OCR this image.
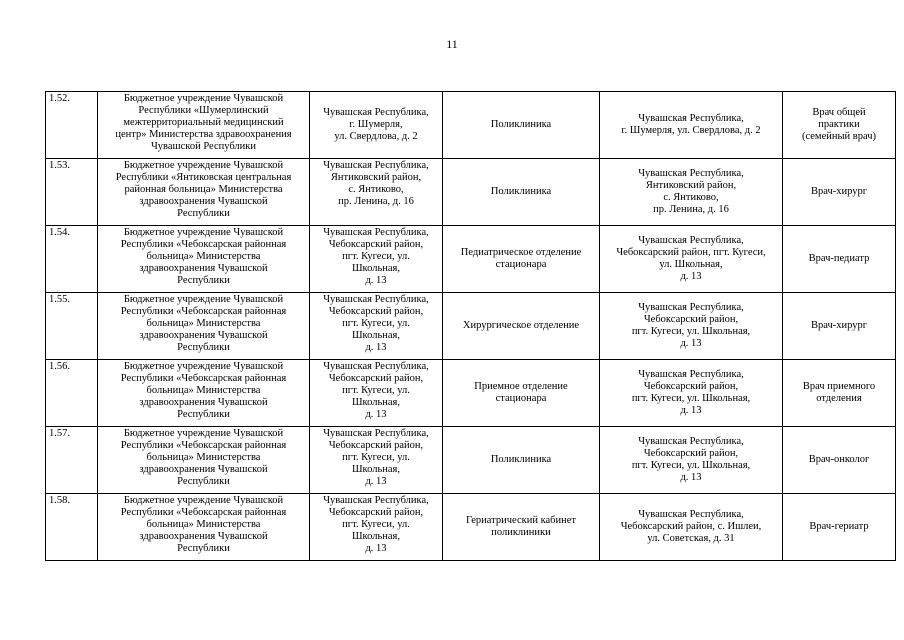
11
1.52.	Бюджетное учреждение Чувашской
Республики «Шумерлинский
межтерриториальный медицинский
центр» Министерства здравоохранения
Чувашской Республики	Чувашская Республика,
г. Шумерля,
ул. Свердлова, д. 2	Поликлиника	Чувашская Республика,
г. Шумерля, ул. Свердлова, д. 2	Врач общей
практики
(семейный врач)
1.53.	Бюджетное учреждение Чувашской
Республики «Янтиковская центральная
районная больница» Министерства
здравоохранения Чувашской
Республики	Чувашская Республика,
Янтиковский район,
с. Янтиково,
пр. Ленина, д. 16	Поликлиника	Чувашская Республика,
Янтиковский район,
с. Янтиково,
пр. Ленина, д. 16	Врач-хирург
1.54.	Бюджетное учреждение Чувашской
Республики «Чебоксарская районная
больница» Министерства
здравоохранения Чувашской
Республики	Чувашская Республика,
Чебоксарский район,
пгт. Кугеси, ул.
Школьная,
д. 13	Педиатрическое отделение
стационара	Чувашская Республика,
Чебоксарский район, пгт. Кугеси,
ул. Школьная,
д. 13	Врач-педиатр
1.55.	Бюджетное учреждение Чувашской
Республики «Чебоксарская районная
больница» Министерства
здравоохранения Чувашской
Республики	Чувашская Республика,
Чебоксарский район,
пгт. Кугеси, ул.
Школьная,
д. 13	Хирургическое отделение	Чувашская Республика,
Чебоксарский район,
пгт. Кугеси, ул. Школьная,
д. 13	Врач-хирург
1.56.	Бюджетное учреждение Чувашской
Республики «Чебоксарская районная
больница» Министерства
здравоохранения Чувашской
Республики	Чувашская Республика,
Чебоксарский район,
пгт. Кугеси, ул.
Школьная,
д. 13	Приемное отделение
стационара	Чувашская Республика,
Чебоксарский район,
пгт. Кугеси, ул. Школьная,
д. 13	Врач приемного
отделения
1.57.	Бюджетное учреждение Чувашской
Республики «Чебоксарская районная
больница» Министерства
здравоохранения Чувашской
Республики	Чувашская Республика,
Чебоксарский район,
пгт. Кугеси, ул.
Школьная,
д. 13	Поликлиника	Чувашская Республика,
Чебоксарский район,
пгт. Кугеси, ул. Школьная,
д. 13	Врач-онколог
1.58.	Бюджетное учреждение Чувашской
Республики «Чебоксарская районная
больница» Министерства
здравоохранения Чувашской
Республики	Чувашская Республика,
Чебоксарский район,
пгт. Кугеси, ул.
Школьная,
д. 13	Гериатрический кабинет
поликлиники	Чувашская Республика,
Чебоксарский район, с. Ишлеи,
ул. Советская, д. 31	Врач-гериатр
